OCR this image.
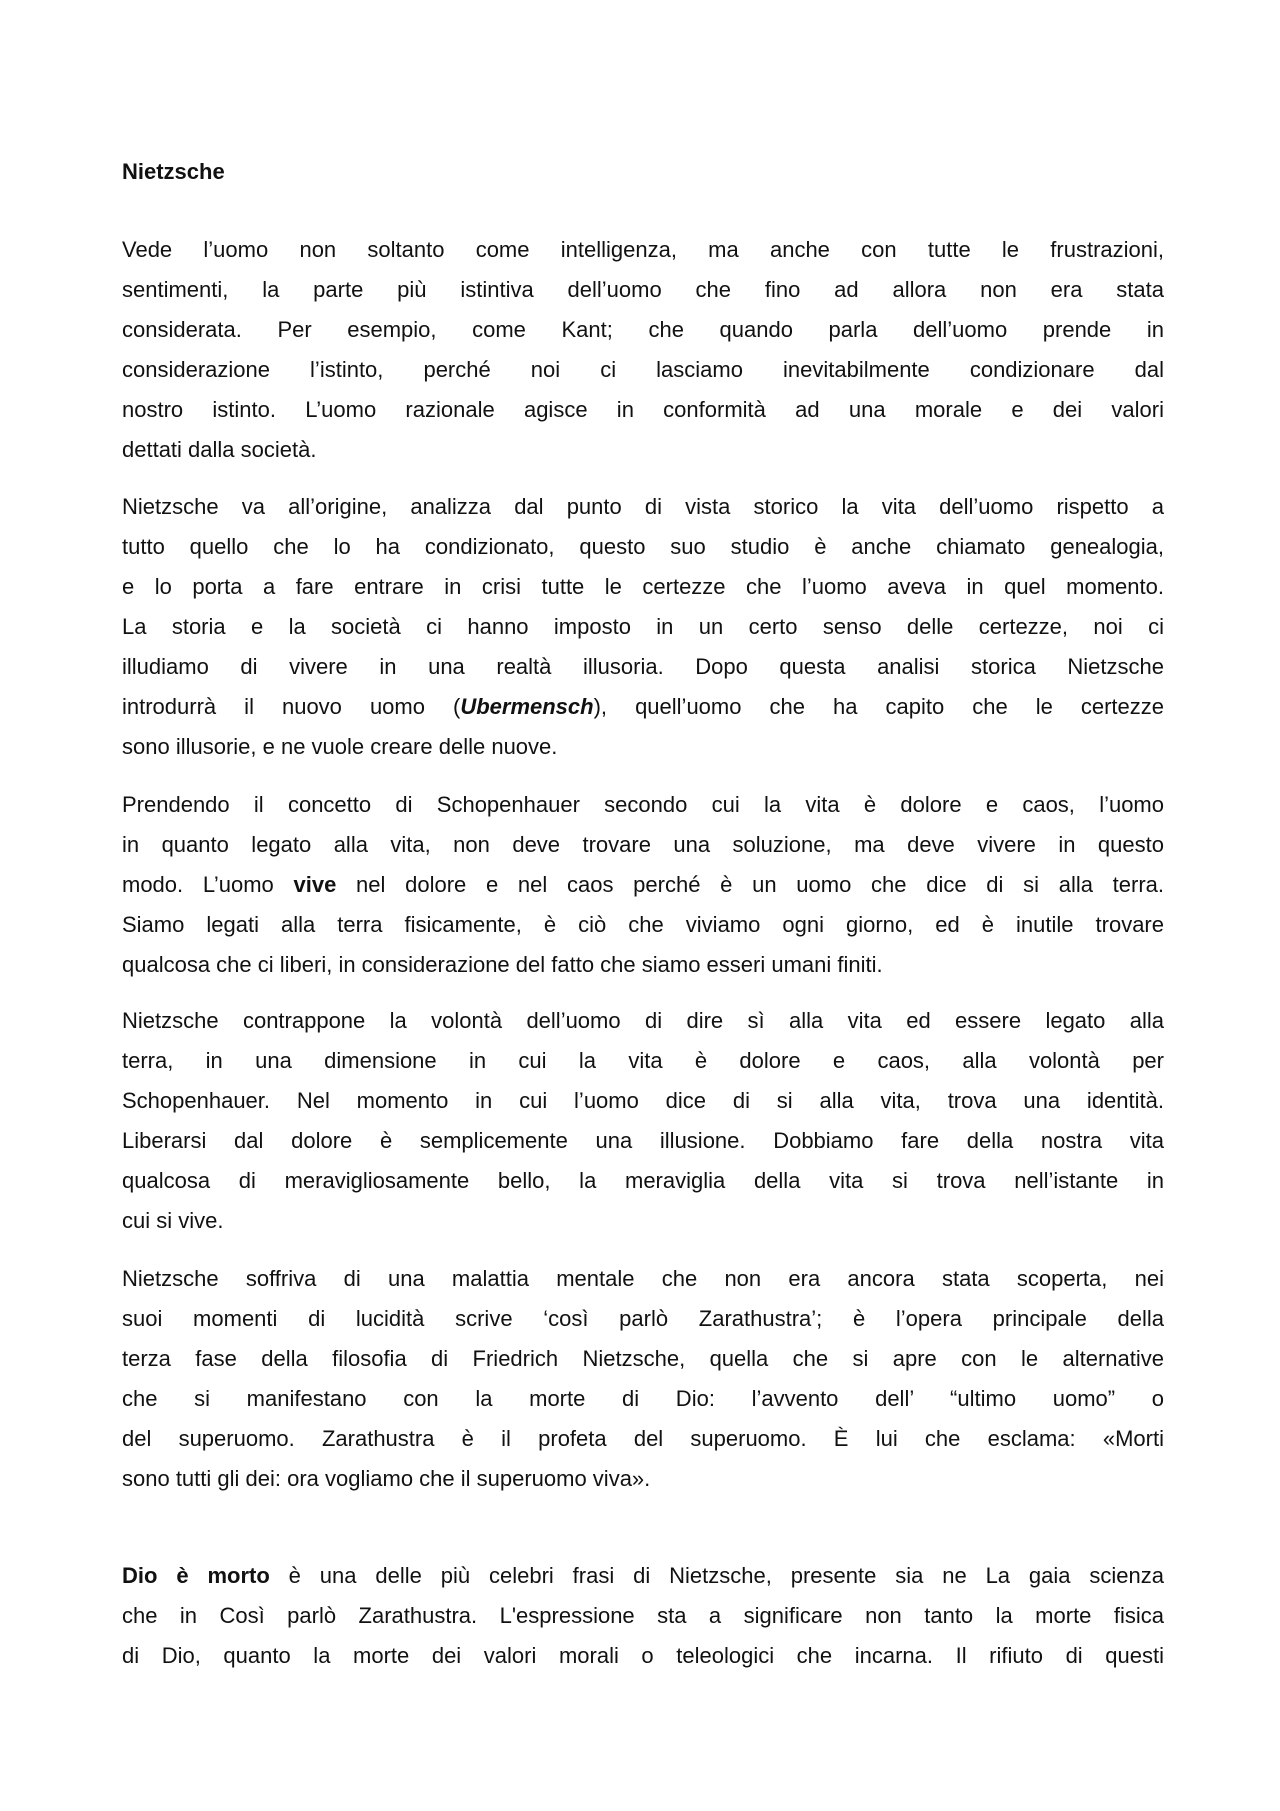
Nietzsche
Vede l’uomo non soltanto come intelligenza, ma anche con tutte le frustrazioni,
sentimenti, la parte più istintiva dell’uomo che fino ad allora non era stata
considerata. Per esempio, come Kant; che quando parla dell’uomo prende in
considerazione l’istinto, perché noi ci lasciamo inevitabilmente condizionare dal
nostro istinto. L’uomo razionale agisce in conformità ad una morale e dei valori
dettati dalla società.
Nietzsche va all’origine, analizza dal punto di vista storico la vita dell’uomo rispetto a
tutto quello che lo ha condizionato, questo suo studio è anche chiamato genealogia,
e lo porta a fare entrare in crisi tutte le certezze che l’uomo aveva in quel momento.
La storia e la società ci hanno imposto in un certo senso delle certezze, noi ci
illudiamo di vivere in una realtà illusoria. Dopo questa analisi storica Nietzsche
introdurrà il nuovo uomo (Ubermensch), quell’uomo che ha capito che le certezze
sono illusorie, e ne vuole creare delle nuove.
Prendendo il concetto di Schopenhauer secondo cui la vita è dolore e caos, l’uomo
in quanto legato alla vita, non deve trovare una soluzione, ma deve vivere in questo
modo. L’uomo vive nel dolore e nel caos perché è un uomo che dice di si alla terra.
Siamo legati alla terra fisicamente, è ciò che viviamo ogni giorno, ed è inutile trovare
qualcosa che ci liberi, in considerazione del fatto che siamo esseri umani finiti.
Nietzsche contrappone la volontà dell’uomo di dire sì alla vita ed essere legato alla
terra, in una dimensione in cui la vita è dolore e caos, alla volontà per
Schopenhauer. Nel momento in cui l’uomo dice di si alla vita, trova una identità.
Liberarsi dal dolore è semplicemente una illusione. Dobbiamo fare della nostra vita
qualcosa di meravigliosamente bello, la meraviglia della vita si trova nell’istante in
cui si vive.
Nietzsche soffriva di una malattia mentale che non era ancora stata scoperta, nei
suoi momenti di lucidità scrive ‘così parlò Zarathustra’; è l’opera principale della
terza fase della filosofia di Friedrich Nietzsche, quella che si apre con le alternative
che si manifestano con la morte di Dio: l’avvento dell’ “ultimo uomo” o
del superuomo. Zarathustra è il profeta del superuomo. È lui che esclama: «Morti
sono tutti gli dei: ora vogliamo che il superuomo viva».
Dio è morto è una delle più celebri frasi di Nietzsche, presente sia ne La gaia scienza
che in Così parlò Zarathustra. L'espressione sta a significare non tanto la morte fisica
di Dio, quanto la morte dei valori morali o teleologici che incarna. Il rifiuto di questi
